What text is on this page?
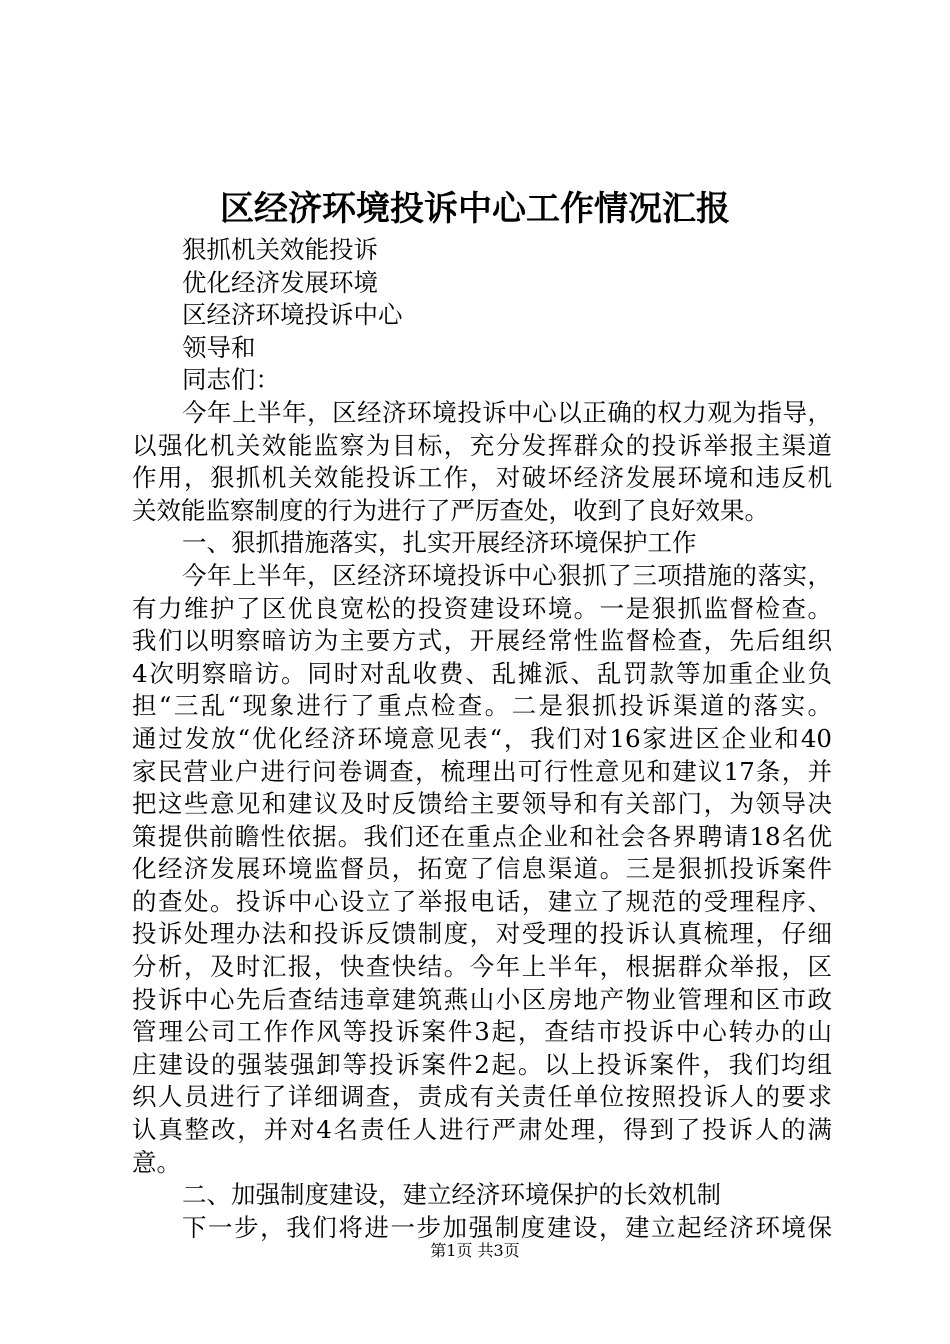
区经济环境投诉中心工作情况汇报
狠抓机关效能投诉
优化经济发展环境
区经济环境投诉中心
领导和
同志们：
今年上半年，区经济环境投诉中心以正确的权力观为指导，
以强化机关效能监察为目标，充分发挥群众的投诉举报主渠道
作用，狠抓机关效能投诉工作，对破坏经济发展环境和违反机
关效能监察制度的行为进行了严厉查处，收到了良好效果。
一、狠抓措施落实，扎实开展经济环境保护工作
今年上半年，区经济环境投诉中心狠抓了三项措施的落实，
有力维护了区优良宽松的投资建设环境。一是狠抓监督检查。
我们以明察暗访为主要方式，开展经常性监督检查，先后组织
4次明察暗访。同时对乱收费、乱摊派、乱罚款等加重企业负
担“三乱“现象进行了重点检查。二是狠抓投诉渠道的落实。
通过发放“优化经济环境意见表“，我们对16家进区企业和40
家民营业户进行问卷调查，梳理出可行性意见和建议17条，并
把这些意见和建议及时反馈给主要领导和有关部门，为领导决
策提供前瞻性依据。我们还在重点企业和社会各界聘请18名优
化经济发展环境监督员，拓宽了信息渠道。三是狠抓投诉案件
的查处。投诉中心设立了举报电话，建立了规范的受理程序、
投诉处理办法和投诉反馈制度，对受理的投诉认真梳理，仔细
分析，及时汇报，快查快结。今年上半年，根据群众举报，区
投诉中心先后查结违章建筑燕山小区房地产物业管理和区市政
管理公司工作作风等投诉案件3起，查结市投诉中心转办的山
庄建设的强装强卸等投诉案件2起。以上投诉案件，我们均组
织人员进行了详细调查，责成有关责任单位按照投诉人的要求
认真整改，并对4名责任人进行严肃处理，得到了投诉人的满
意。
二、加强制度建设，建立经济环境保护的长效机制
下一步，我们将进一步加强制度建设，建立起经济环境保
第1页 共3页
